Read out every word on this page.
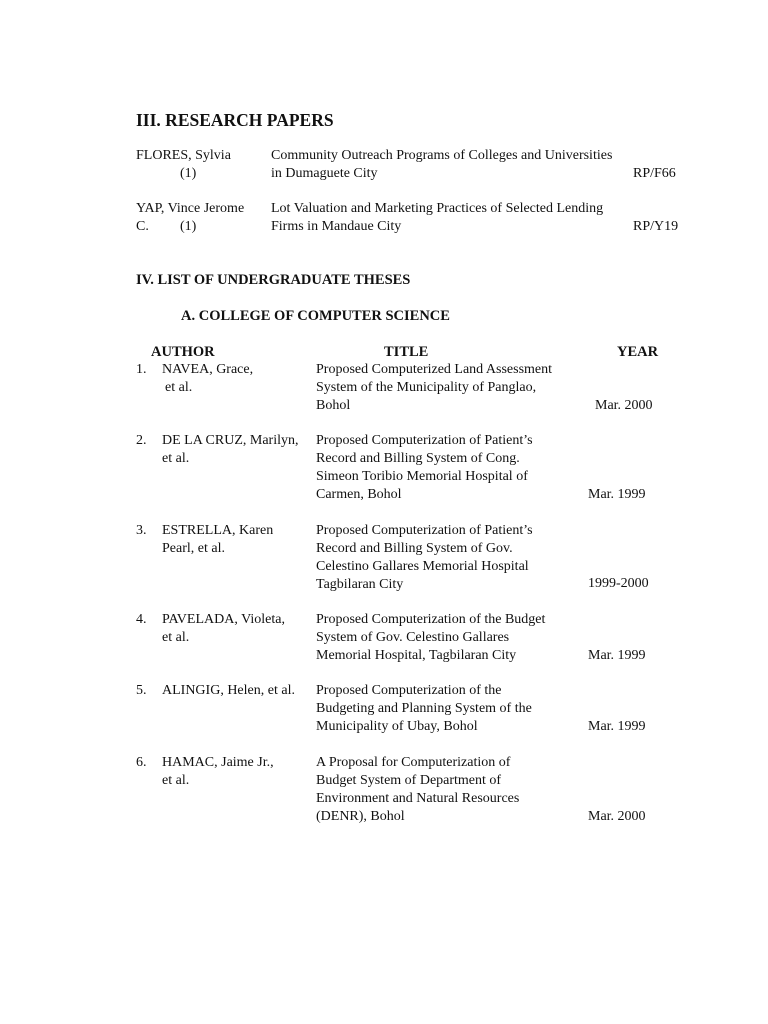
III. RESEARCH PAPERS
FLORES, Sylvia
(1)
Community Outreach Programs of Colleges and Universities
in Dumaguete City	RP/F66
YAP, Vince Jerome
C. (1)
Lot Valuation and Marketing Practices of Selected Lending
Firms in Mandaue City	RP/Y19
IV. LIST OF UNDERGRADUATE THESES
A. COLLEGE OF COMPUTER SCIENCE
AUTHOR	TITLE	YEAR
1. NAVEA, Grace,
et al.
Proposed Computerized Land Assessment
System of the Municipality of Panglao,
Bohol	Mar. 2000
2. DE LA CRUZ, Marilyn,
et al.
Proposed Computerization of Patient’s
Record and Billing System of Cong.
Simeon Toribio Memorial Hospital of
Carmen, Bohol	Mar. 1999
3. ESTRELLA, Karen
Pearl, et al.
Proposed Computerization of Patient’s
Record and Billing System of Gov.
Celestino Gallares Memorial Hospital
Tagbilaran City	1999-2000
4. PAVELADA, Violeta,
et al.
Proposed Computerization of the Budget
System of Gov. Celestino Gallares
Memorial Hospital, Tagbilaran City	Mar. 1999
5. ALINGIG, Helen, et al. Proposed Computerization of the
Budgeting and Planning System of the
Municipality of Ubay, Bohol	Mar. 1999
6. HAMAC, Jaime Jr.,
et al.
A Proposal for Computerization of
Budget System of Department of
Environment and Natural Resources
(DENR), Bohol	Mar. 2000
